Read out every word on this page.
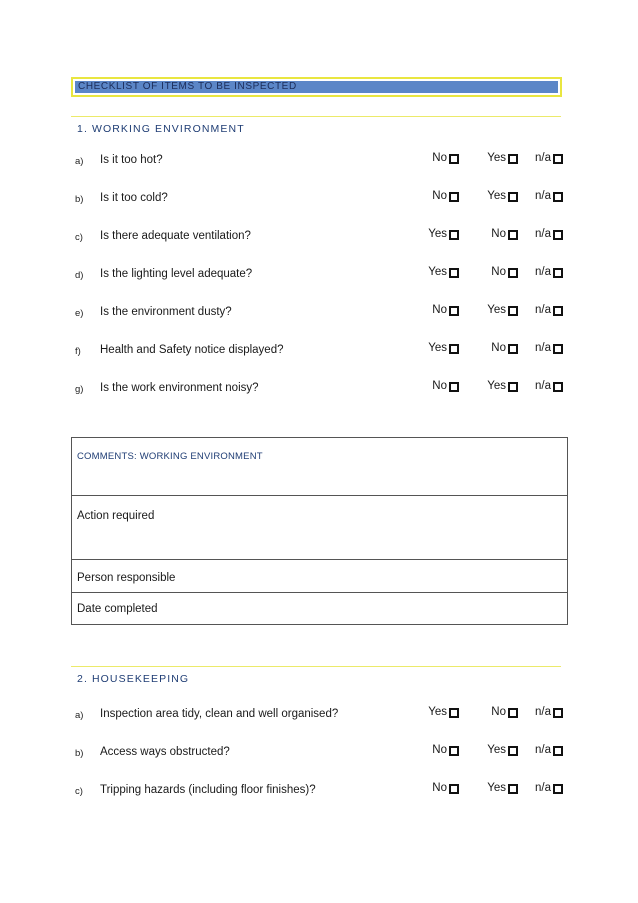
CHECKLIST OF ITEMS TO BE INSPECTED
1. WORKING ENVIRONMENT
a) Is it too hot?	No	Yes	n/a
b) Is it too cold?	No	Yes	n/a
c) Is there adequate ventilation?	Yes	No	n/a
d) Is the lighting level adequate?	Yes	No	n/a
e) Is the environment dusty?	No	Yes	n/a
f) Health and Safety notice displayed?	Yes	No	n/a
g) Is the work environment noisy?	No	Yes	n/a
COMMENTS: WORKING ENVIRONMENT
Action required
Person responsible
Date completed
2. HOUSEKEEPING
a) Inspection area tidy, clean and well organised?	Yes	No	n/a
b) Access ways obstructed?	No	Yes	n/a
c) Tripping hazards (including floor finishes)?	No	Yes	n/a
